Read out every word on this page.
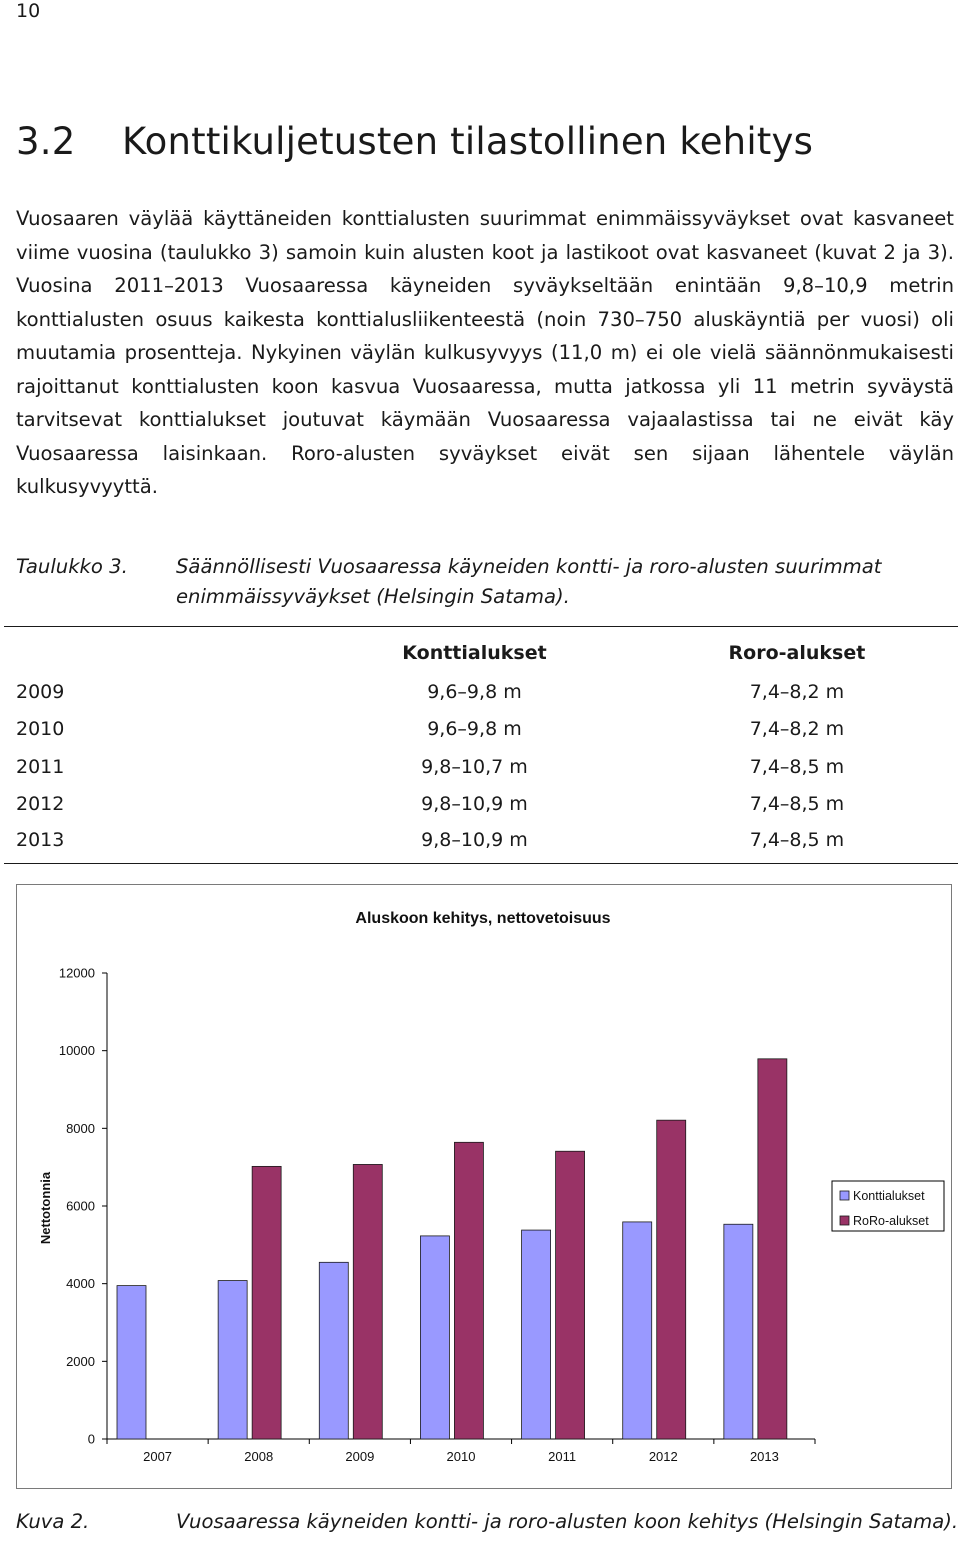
10
3.2 Konttikuljetusten tilastollinen kehitys

Vuosaaren väylää käyttäneiden konttialusten suurimmat enimmäissyväykset ovat kasvaneet viime vuosina (taulukko 3) samoin kuin alusten koot ja lastikoot ovat kasvaneet (kuvat 2 ja 3). Vuosina 2011–2013 Vuosaaressa käyneiden syväykseltään enintään 9,8–10,9 metrin konttialusten osuus kaikesta konttialusliikenteestä (noin 730–750 aluskäyntiä per vuosi) oli muutamia prosentteja. Nykyinen väylän kulkusyvyys (11,0 m) ei ole vielä säännönmukaisesti rajoittanut konttialusten koon kasvua Vuosaaressa, mutta jatkossa yli 11 metrin syväystä tarvitsevat konttialukset joutuvat käymään Vuosaaressa vajaalastissa tai ne eivät käy Vuosaaressa laisinkaan. Roro-alusten syväykset eivät sen sijaan lähentele väylän kulkusyvyyttä.

Taulukko 3. Säännöllisesti Vuosaaressa käyneiden kontti- ja roro-alusten suurimmat enimmäissyväykset (Helsingin Satama).
	Konttialukset	Roro-alukset
2009	9,6–9,8 m	7,4–8,2 m
2010	9,6–9,8 m	7,4–8,2 m
2011	9,8–10,7 m	7,4–8,5 m
2012	9,8–10,9 m	7,4–8,5 m
2013	9,8–10,9 m	7,4–8,5 m
Aluskoon kehitys, nettovetoisuus
Nettotonnia
0
2000
4000
6000
8000
10000
12000
2007	2008	2009	2010	2011	2012	2013
Konttialukset
RoRo-alukset
Kuva 2.	Vuosaaressa käyneiden kontti- ja roro-alusten koon kehitys (Helsingin Satama).
